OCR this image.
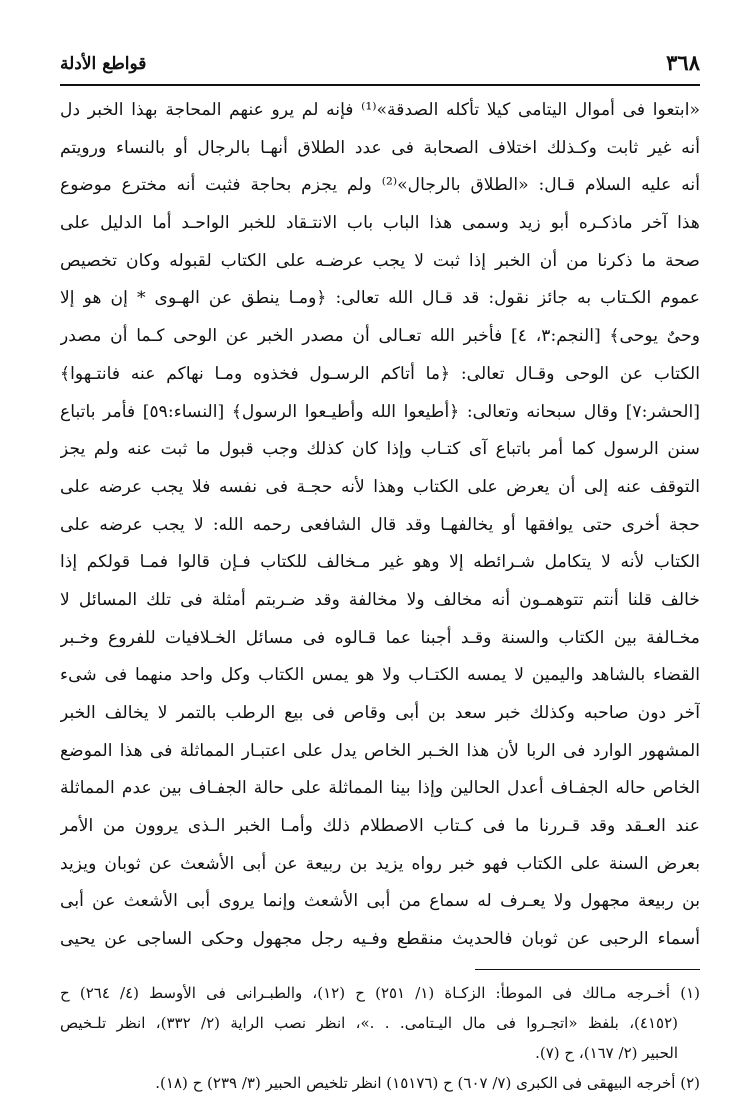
٣٦٨
قواطع الأدلة
«ابتعوا فى أموال اليتامى كيلا تأكله الصدقة»⁽¹⁾ فإنه لم يرو عنهم المحاجة بهذا الخبر دل
أنه غير ثابت وكـذلك اختلاف الصحابة فى عدد الطلاق أنهـا بالرجال أو بالنساء ورويتم
أنه عليه السلام قـال: «الطلاق بالرجال»⁽²⁾ ولم يجزم بحاجة فثبت أنه مخترع موضوع
هذا آخر ماذكـره أبو زيد وسمى هذا الباب باب الانتـقاد للخبر الواحـد أما الدليل على
صحة ما ذكرنا من أن الخبر إذا ثبت لا يجب عرضـه على الكتاب لقبوله وكان تخصيص
عموم الكـتاب به جائز نقول: قد قـال الله تعالى: ﴿ومـا ينطق عن الهـوى * إن هو إلا
وحىٌ يوحى﴾ [النجم:٣، ٤] فأخبر الله تعـالى أن مصدر الخبر عن الوحى كـما أن مصدر
الكتاب عن الوحى وقـال تعالى: ﴿ما أتاكم الرسـول فخذوه ومـا نهاكم عنه فانتـهوا﴾
[الحشر:٧] وقال سبحانه وتعالى: ﴿أطيعوا الله وأطيـعوا الرسول﴾ [النساء:٥٩] فأمر باتباع
سنن الرسول كما أمر باتباع آى كتـاب وإذا كان كذلك وجب قبول ما ثبت عنه ولم يجز
التوقف عنه إلى أن يعرض على الكتاب وهذا لأنه حجـة فى نفسه فلا يجب عرضه على
حجة أخرى حتى يوافقها أو يخالفهـا وقد قال الشافعى رحمه الله: لا يجب عرضه على
الكتاب لأنه لا يتكامل شـرائطه إلا وهو غير مـخالف للكتاب فـإن قالوا فمـا قولكم إذا
خالف قلنا أنتم تتوهمـون أنه مخالف ولا مخالفة وقد ضـربتم أمثلة فى تلك المسائل لا
مخـالفة بين الكتاب والسنة وقـد أجبنا عما قـالوه فى مسائل الخـلافيات للفروع وخـبر
القضاء بالشاهد واليمين لا يمسه الكتـاب ولا هو يمس الكتاب وكل واحد منهما فى شىء
آخر دون صاحبه وكذلك خبر سعد بن أبى وقاص فى بيع الرطب بالتمر لا يخالف الخبر
المشهور الوارد فى الربا لأن هذا الخـبر الخاص يدل على اعتبـار المماثلة فى هذا الموضع
الخاص حاله الجفـاف أعدل الحالين وإذا بينا المماثلة على حالة الجفـاف بين عدم المماثلة
عند العـقد وقد قـررنا ما فى كـتاب الاصطلام ذلك وأمـا الخبر الـذى يروون من الأمر
بعرض السنة على الكتاب فهو خبر رواه يزيد بن ربيعة عن أبى الأشعث عن ثوبان ويزيد
بن ربيعة مجهول ولا يعـرف له سماع من أبى الأشعث وإنما يروى أبى الأشعث عن أبى
أسماء الرحبى عن ثوبان فالحديث منقطع وفـيه رجل مجهول وحكى الساجى عن يحيى
(١) أخـرجه مـالك فى الموطأ: الزكـاة (١/ ٢٥١) ح (١٢)، والطبـرانى فى الأوسط (٤/ ٢٦٤) ح
(٤١٥٢)، بلفظ «اتجـروا فى مال اليـتامى. . .»، انظر نصب الراية (٢/ ٣٣٢)، انظر تلـخيص
الحبير (٢/ ١٦٧)، ح (٧).
(٢) أخرجه البيهقى فى الكبرى (٧/ ٦٠٧) ح (١٥١٧٦) انظر تلخيص الحبير (٣/ ٢٣٩) ح (١٨).
